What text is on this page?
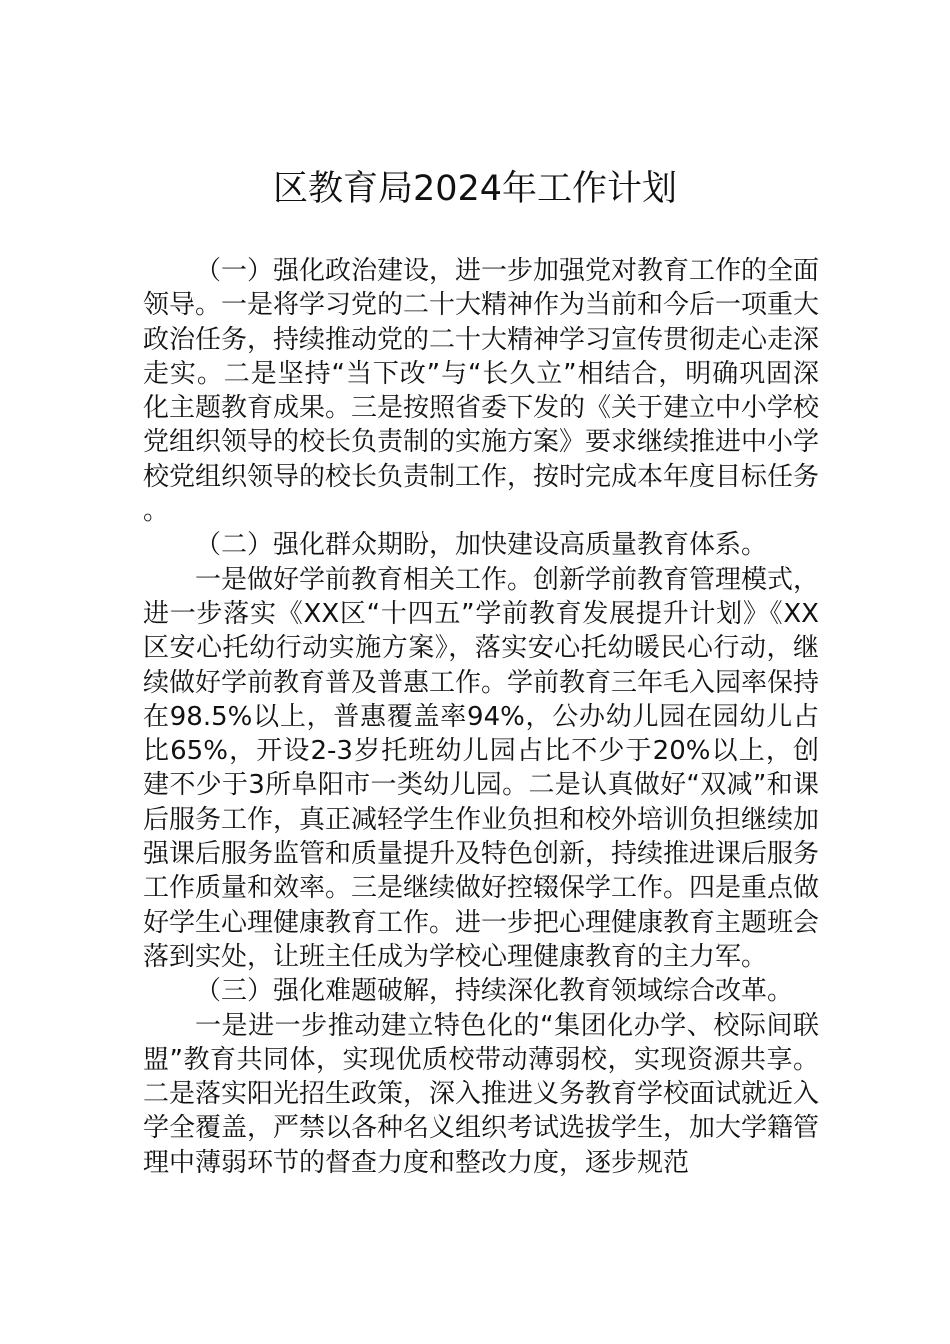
区教育局2024年工作计划

（一）强化政治建设，进一步加强党对教育工作的全面领导。一是将学习党的二十大精神作为当前和今后一项重大政治任务，持续推动党的二十大精神学习宣传贯彻走心走深走实。二是坚持“当下改”与“长久立”相结合，明确巩固深化主题教育成果。三是按照省委下发的《关于建立中小学校党组织领导的校长负责制的实施方案》要求继续推进中小学校党组织领导的校长负责制工作，按时完成本年度目标任务。

（二）强化群众期盼，加快建设高质量教育体系。

一是做好学前教育相关工作。创新学前教育管理模式，进一步落实《XX区“十四五”学前教育发展提升计划》《XX区安心托幼行动实施方案》，落实安心托幼暖民心行动，继续做好学前教育普及普惠工作。学前教育三年毛入园率保持在98.5%以上，普惠覆盖率94%，公办幼儿园在园幼儿占比65%，开设2-3岁托班幼儿园占比不少于20%以上，创建不少于3所阜阳市一类幼儿园。二是认真做好“双减”和课后服务工作，真正减轻学生作业负担和校外培训负担继续加强课后服务监管和质量提升及特色创新，持续推进课后服务工作质量和效率。三是继续做好控辍保学工作。四是重点做好学生心理健康教育工作。进一步把心理健康教育主题班会落到实处，让班主任成为学校心理健康教育的主力军。

（三）强化难题破解，持续深化教育领域综合改革。

一是进一步推动建立特色化的“集团化办学、校际间联盟”教育共同体，实现优质校带动薄弱校，实现资源共享。二是落实阳光招生政策，深入推进义务教育学校面试就近入学全覆盖，严禁以各种名义组织考试选拔学生，加大学籍管理中薄弱环节的督查力度和整改力度，逐步规范
